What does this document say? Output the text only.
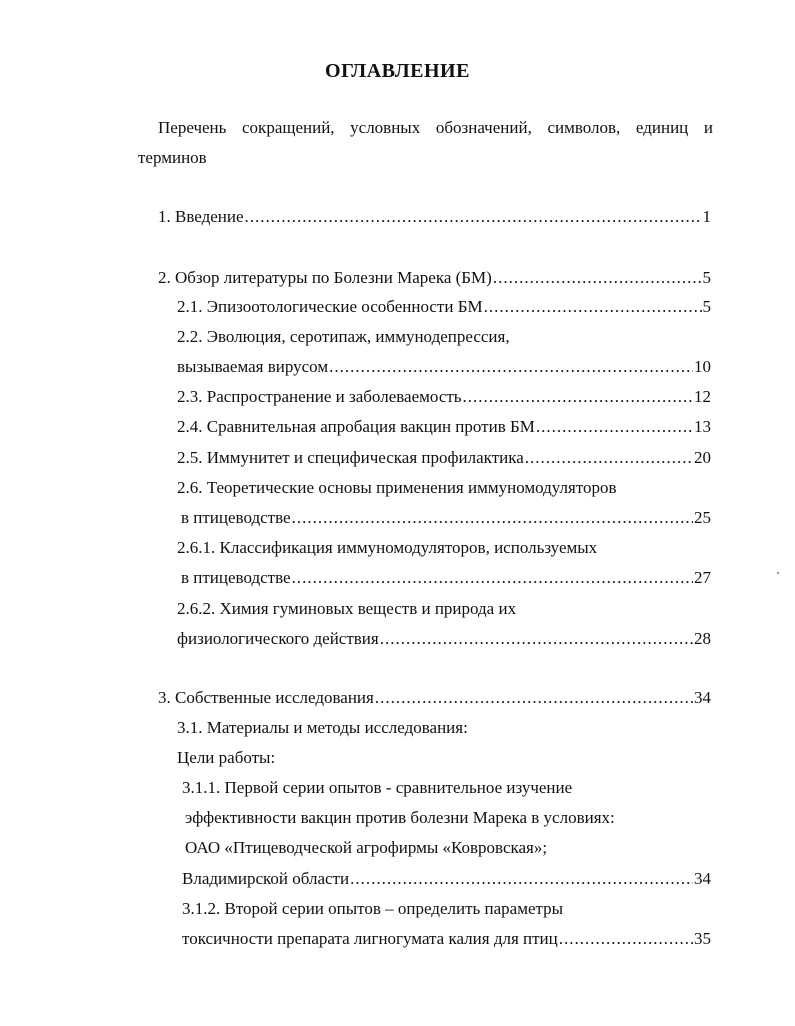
ОГЛАВЛЕНИЕ
Перечень сокращений, условных обозначений, символов, единиц и
терминов
1. Введение .....	1
2. Обзор литературы по Болезни Марека (БМ) .....	5
2.1. Эпизоотологические особенности БМ .....	5
2.2. Эволюция, серотипаж, иммунодепрессия,
вызываемая вирусом .....	10
2.3. Распространение и заболеваемость .....	12
2.4. Сравнительная апробация вакцин против БМ .....	13
2.5. Иммунитет и специфическая профилактика .....	20
2.6. Теоретические основы применения иммуномодуляторов
в птицеводстве .....	25
2.6.1. Классификация иммуномодуляторов, используемых
в птицеводстве .....	27
2.6.2. Химия гуминовых веществ и природа их
физиологического действия .....	28
3. Собственные исследования .....	34
3.1. Материалы и методы исследования:
Цели работы:
3.1.1. Первой серии опытов - сравнительное изучение
эффективности вакцин против болезни Марека в условиях:
ОАО «Птицеводческой агрофирмы «Ковровская»;
Владимирской области .....	34
3.1.2. Второй серии опытов – определить параметры
токсичности препарата лигногумата калия для птиц .....	35
